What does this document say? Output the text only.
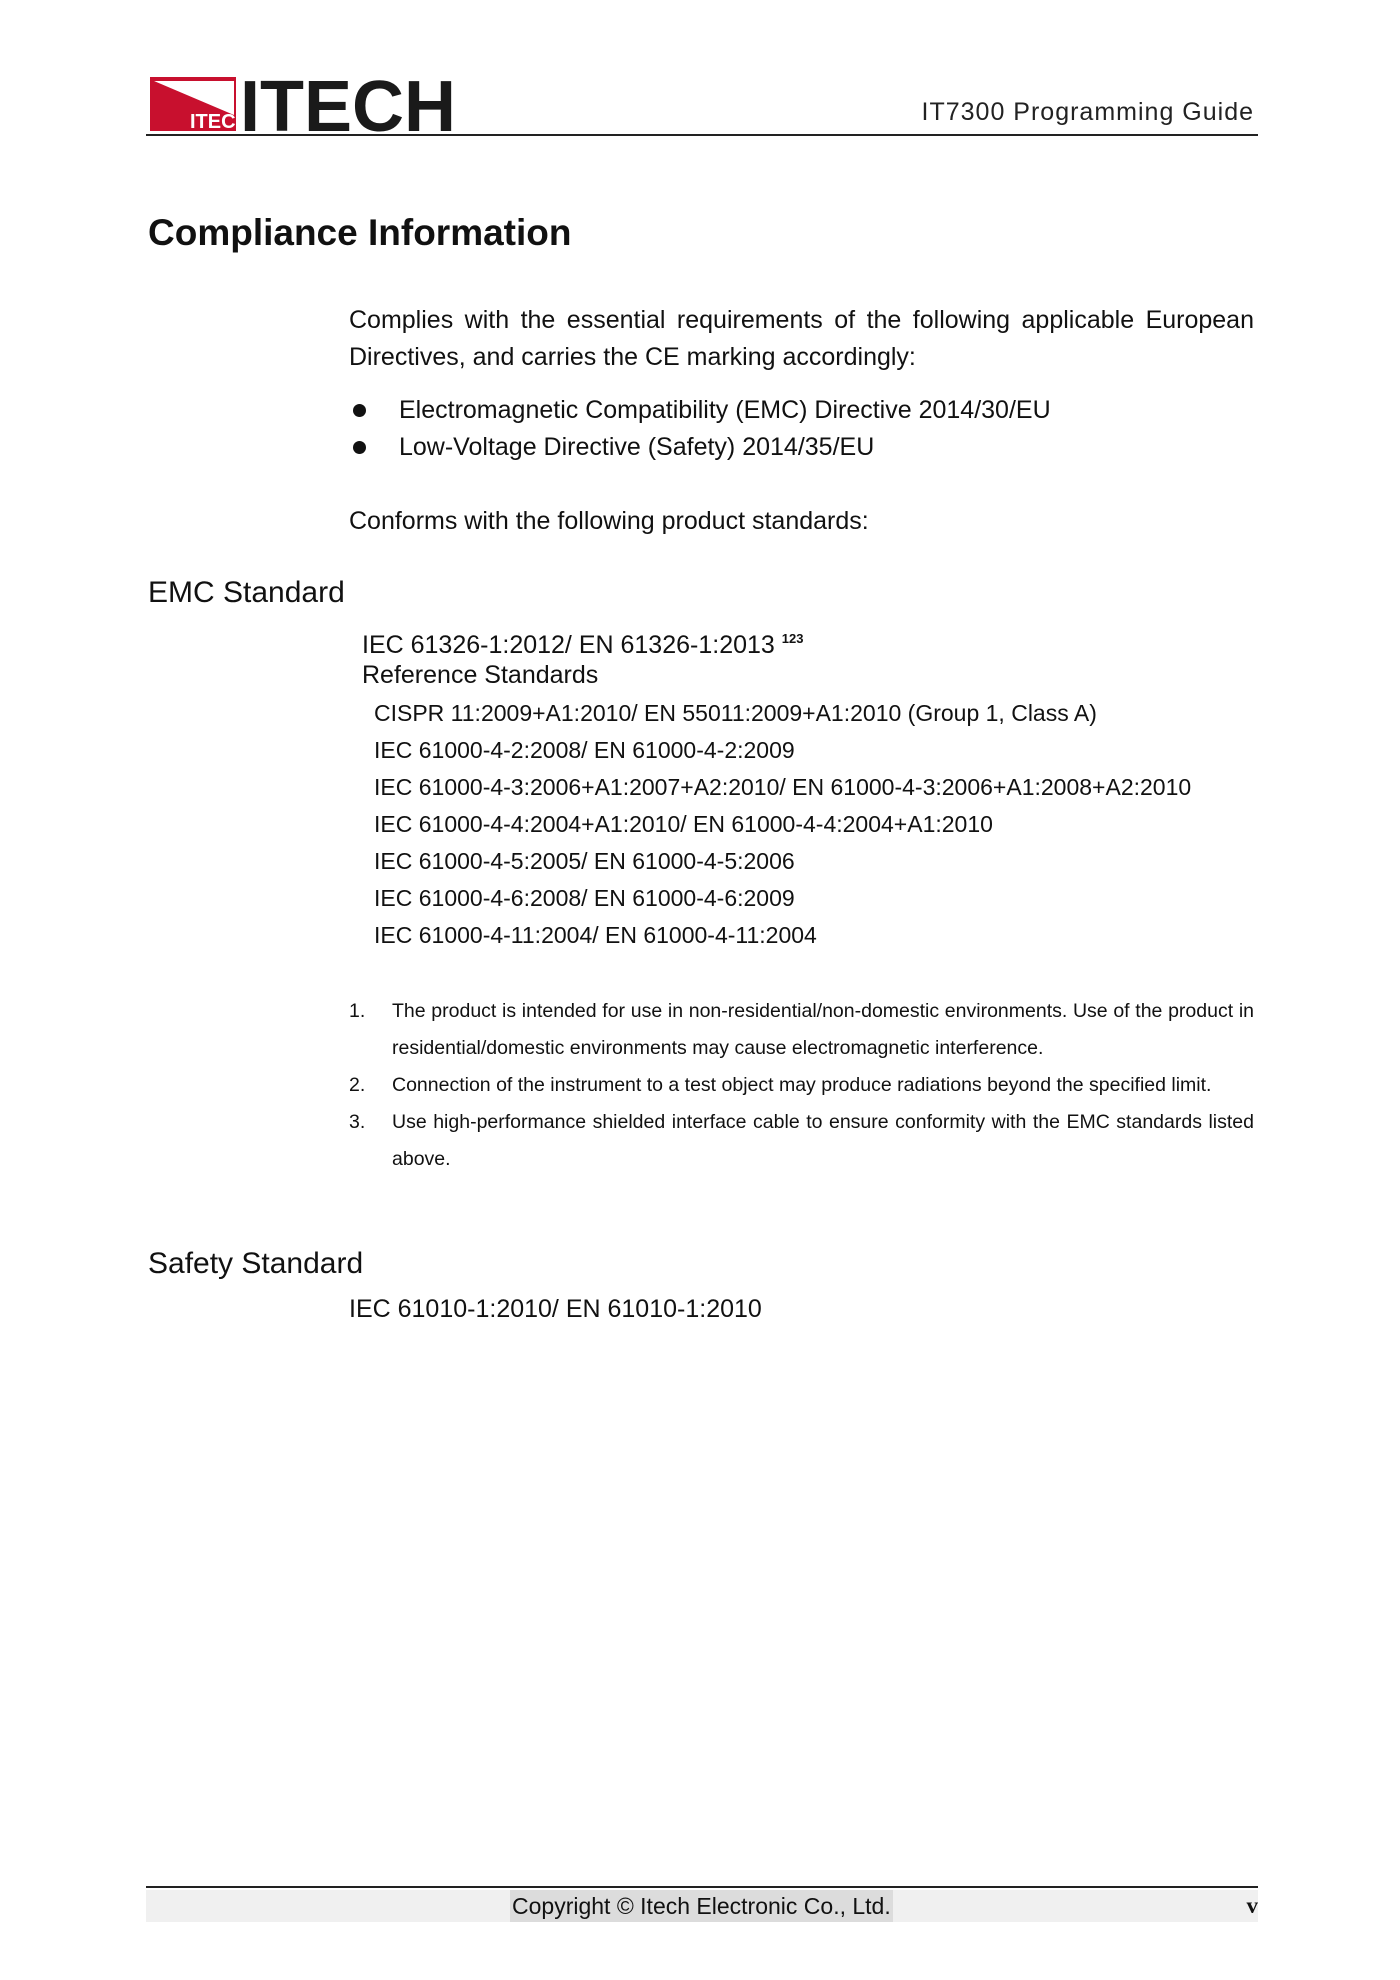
ITECH
ITECH	IT7300 Programming Guide
Compliance Information

Complies with the essential requirements of the following applicable European Directives, and carries the CE marking accordingly:

Electromagnetic Compatibility (EMC) Directive 2014/30/EU
Low-Voltage Directive (Safety) 2014/35/EU

Conforms with the following product standards:

EMC Standard
IEC 61326-1:2012/ EN 61326-1:2013 $^{123}$
Reference Standards
CISPR 11:2009+A1:2010/ EN 55011:2009+A1:2010 (Group 1, Class A)
IEC 61000-4-2:2008/ EN 61000-4-2:2009
IEC 61000-4-3:2006+A1:2007+A2:2010/ EN 61000-4-3:2006+A1:2008+A2:2010
IEC 61000-4-4:2004+A1:2010/ EN 61000-4-4:2004+A1:2010
IEC 61000-4-5:2005/ EN 61000-4-5:2006
IEC 61000-4-6:2008/ EN 61000-4-6:2009
IEC 61000-4-11:2004/ EN 61000-4-11:2004
1. The product is intended for use in non-residential/non-domestic environments. Use of the product in residential/domestic environments may cause electromagnetic interference.
2. Connection of the instrument to a test object may produce radiations beyond the specified limit.
3. Use high-performance shielded interface cable to ensure conformity with the EMC standards listed above.
Safety Standard
IEC 61010-1:2010/ EN 61010-1:2010
Copyright © Itech Electronic Co., Ltd.	v
